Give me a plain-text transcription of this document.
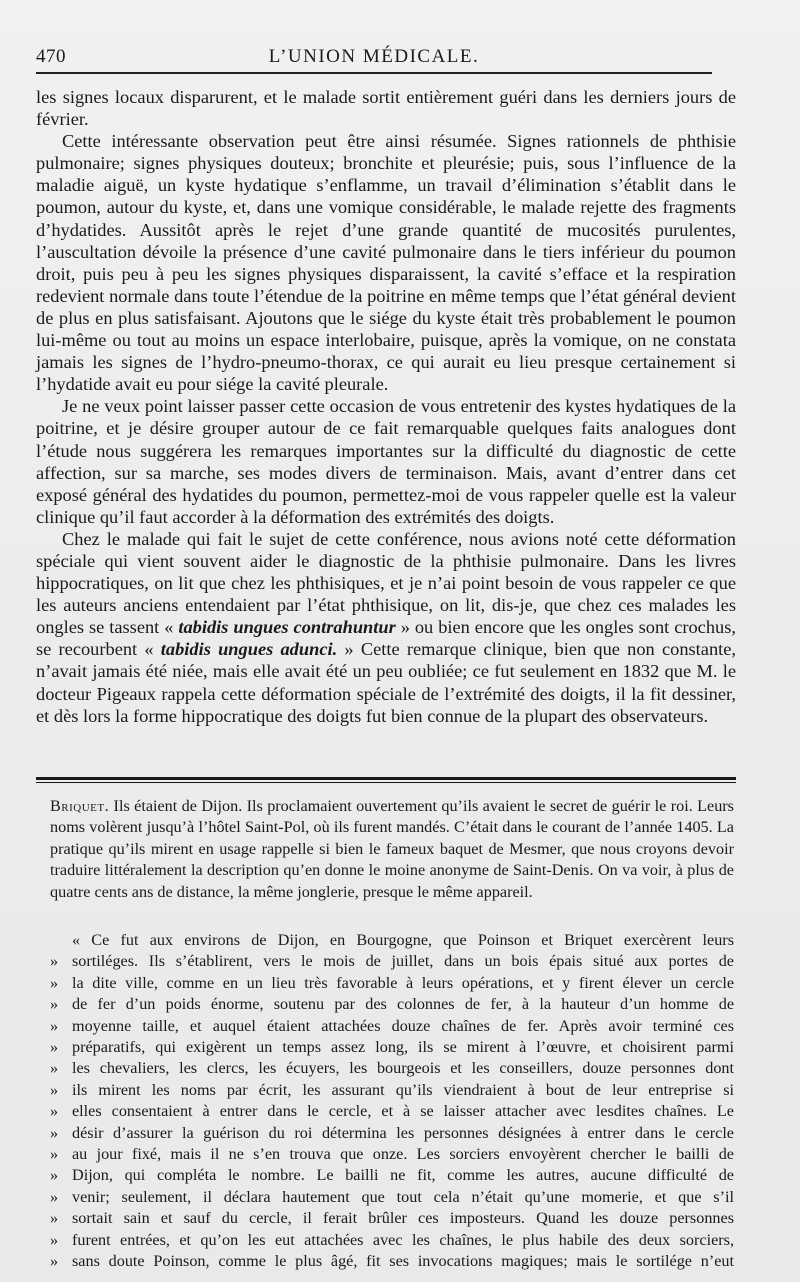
470	L’UNION MÉDICALE.

les signes locaux disparurent, et le malade sortit entièrement guéri dans les derniers jours de février.

Cette intéressante observation peut être ainsi résumée. Signes rationnels de phthisie pulmonaire; signes physiques douteux; bronchite et pleurésie; puis, sous l’influence de la maladie aiguë, un kyste hydatique s’enflamme, un travail d’élimination s’établit dans le poumon, autour du kyste, et, dans une vomique considérable, le malade rejette des fragments d’hydatides. Aussitôt après le rejet d’une grande quantité de mucosités purulentes, l’auscultation dévoile la présence d’une cavité pulmonaire dans le tiers inférieur du poumon droit, puis peu à peu les signes physiques disparaissent, la cavité s’efface et la respiration redevient normale dans toute l’étendue de la poitrine en même temps que l’état général devient de plus en plus satisfaisant. Ajoutons que le siége du kyste était très probablement le poumon lui-même ou tout au moins un espace interlobaire, puisque, après la vomique, on ne constata jamais les signes de l’hydro-pneumo-thorax, ce qui aurait eu lieu presque certainement si l’hydatide avait eu pour siége la cavité pleurale.

Je ne veux point laisser passer cette occasion de vous entretenir des kystes hydatiques de la poitrine, et je désire grouper autour de ce fait remarquable quelques faits analogues dont l’étude nous suggérera les remarques importantes sur la difficulté du diagnostic de cette affection, sur sa marche, ses modes divers de terminaison. Mais, avant d’entrer dans cet exposé général des hydatides du poumon, permettez-moi de vous rappeler quelle est la valeur clinique qu’il faut accorder à la déformation des extrémités des doigts.

Chez le malade qui fait le sujet de cette conférence, nous avions noté cette déformation spéciale qui vient souvent aider le diagnostic de la phthisie pulmonaire. Dans les livres hippocratiques, on lit que chez les phthisiques, et je n’ai point besoin de vous rappeler ce que les auteurs anciens entendaient par l’état phthisique, on lit, dis-je, que chez ces malades les ongles se tassent « tabidis ungues contrahuntur » ou bien encore que les ongles sont crochus, se recourbent « tabidis ungues adunci. » Cette remarque clinique, bien que non constante, n’avait jamais été niée, mais elle avait été un peu oubliée; ce fut seulement en 1832 que M. le docteur Pigeaux rappela cette déformation spéciale de l’extrémité des doigts, il la fit dessiner, et dès lors la forme hippocratique des doigts fut bien connue de la plupart des observateurs.

Briquet. Ils étaient de Dijon. Ils proclamaient ouvertement qu’ils avaient le secret de guérir le roi. Leurs noms volèrent jusqu’à l’hôtel Saint-Pol, où ils furent mandés. C’était dans le courant de l’année 1405. La pratique qu’ils mirent en usage rappelle si bien le fameux baquet de Mesmer, que nous croyons devoir traduire littéralement la description qu’en donne le moine anonyme de Saint-Denis. On va voir, à plus de quatre cents ans de distance, la même jonglerie, presque le même appareil.

« Ce fut aux environs de Dijon, en Bourgogne, que Poinson et Briquet exercèrent leurs
» sortiléges. Ils s’établirent, vers le mois de juillet, dans un bois épais situé aux portes de
» la dite ville, comme en un lieu très favorable à leurs opérations, et y firent élever un cercle
» de fer d’un poids énorme, soutenu par des colonnes de fer, à la hauteur d’un homme de
» moyenne taille, et auquel étaient attachées douze chaînes de fer. Après avoir terminé ces
» préparatifs, qui exigèrent un temps assez long, ils se mirent à l’œuvre, et choisirent parmi
» les chevaliers, les clercs, les écuyers, les bourgeois et les conseillers, douze personnes dont
» ils mirent les noms par écrit, les assurant qu’ils viendraient à bout de leur entreprise si
» elles consentaient à entrer dans le cercle, et à se laisser attacher avec lesdites chaînes. Le
» désir d’assurer la guérison du roi détermina les personnes désignées à entrer dans le cercle
» au jour fixé, mais il ne s’en trouva que onze. Les sorciers envoyèrent chercher le bailli de
» Dijon, qui compléta le nombre. Le bailli ne fit, comme les autres, aucune difficulté de
» venir; seulement, il déclara hautement que tout cela n’était qu’une momerie, et que s’il
» sortait sain et sauf du cercle, il ferait brûler ces imposteurs. Quand les douze personnes
» furent entrées, et qu’on les eut attachées avec les chaînes, le plus habile des deux sorciers,
» sans doute Poinson, comme le plus âgé, fit ses invocations magiques; mais le sortilége n’eut
